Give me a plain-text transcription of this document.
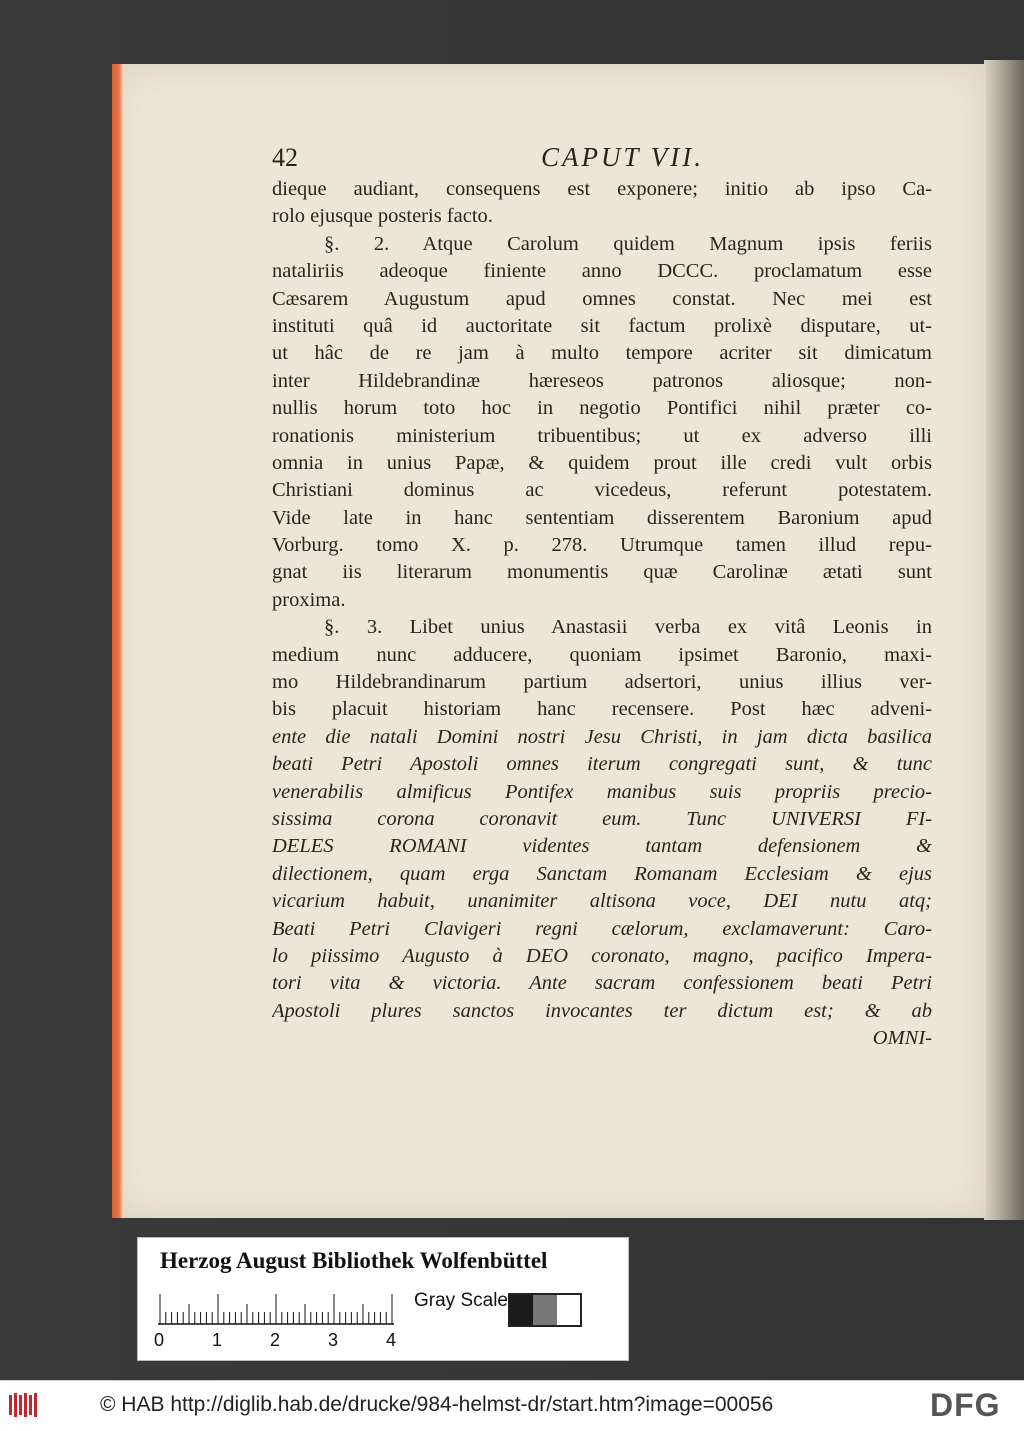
42	CAPUT VII.
dieque audiant, consequens est exponere; initio ab ipso Ca-
rolo ejusque posteris facto.
§. 2. Atque Carolum quidem Magnum ipsis feriis
nataliriis adeoque finiente anno DCCC. proclamatum esse
Cæsarem Augustum apud omnes constat. Nec mei est
instituti quâ id auctoritate sit factum prolixè disputare, ut-
ut hâc de re jam à multo tempore acriter sit dimicatum
inter Hildebrandinæ hæreseos patronos aliosque; non-
nullis horum toto hoc in negotio Pontifici nihil præter co-
ronationis ministerium tribuentibus; ut ex adverso illi
omnia in unius Papæ, & quidem prout ille credi vult orbis
Christiani dominus ac vicedeus, referunt potestatem.
Vide late in hanc sententiam disserentem Baronium apud
Vorburg. tomo X. p. 278. Utrumque tamen illud repu-
gnat iis literarum monumentis quæ Carolinæ ætati sunt
proxima.
§. 3. Libet unius Anastasii verba ex vitâ Leonis in
medium nunc adducere, quoniam ipsimet Baronio, maxi-
mo Hildebrandinarum partium adsertori, unius illius ver-
bis placuit historiam hanc recensere. Post hæc adveni-
ente die natali Domini nostri Jesu Christi, in jam dicta basilica
beati Petri Apostoli omnes iterum congregati sunt, & tunc
venerabilis almificus Pontifex manibus suis propriis precio-
sissima corona coronavit eum. Tunc UNIVERSI FI-
DELES ROMANI videntes tantam defensionem &
dilectionem, quam erga Sanctam Romanam Ecclesiam & ejus
vicarium habuit, unanimiter altisona voce, DEI nutu atq;
Beati Petri Clavigeri regni cælorum, exclamaverunt: Caro-
lo piissimo Augusto à DEO coronato, magno, pacifico Impera-
tori vita & victoria. Ante sacram confessionem beati Petri
Apostoli plures sanctos invocantes ter dictum est; & ab
OMNI-
Herzog August Bibliothek Wolfenbüttel
Gray Scale
0	1	2	3	4
© HAB http://diglib.hab.de/drucke/984-helmst-dr/start.htm?image=00056	DFG
